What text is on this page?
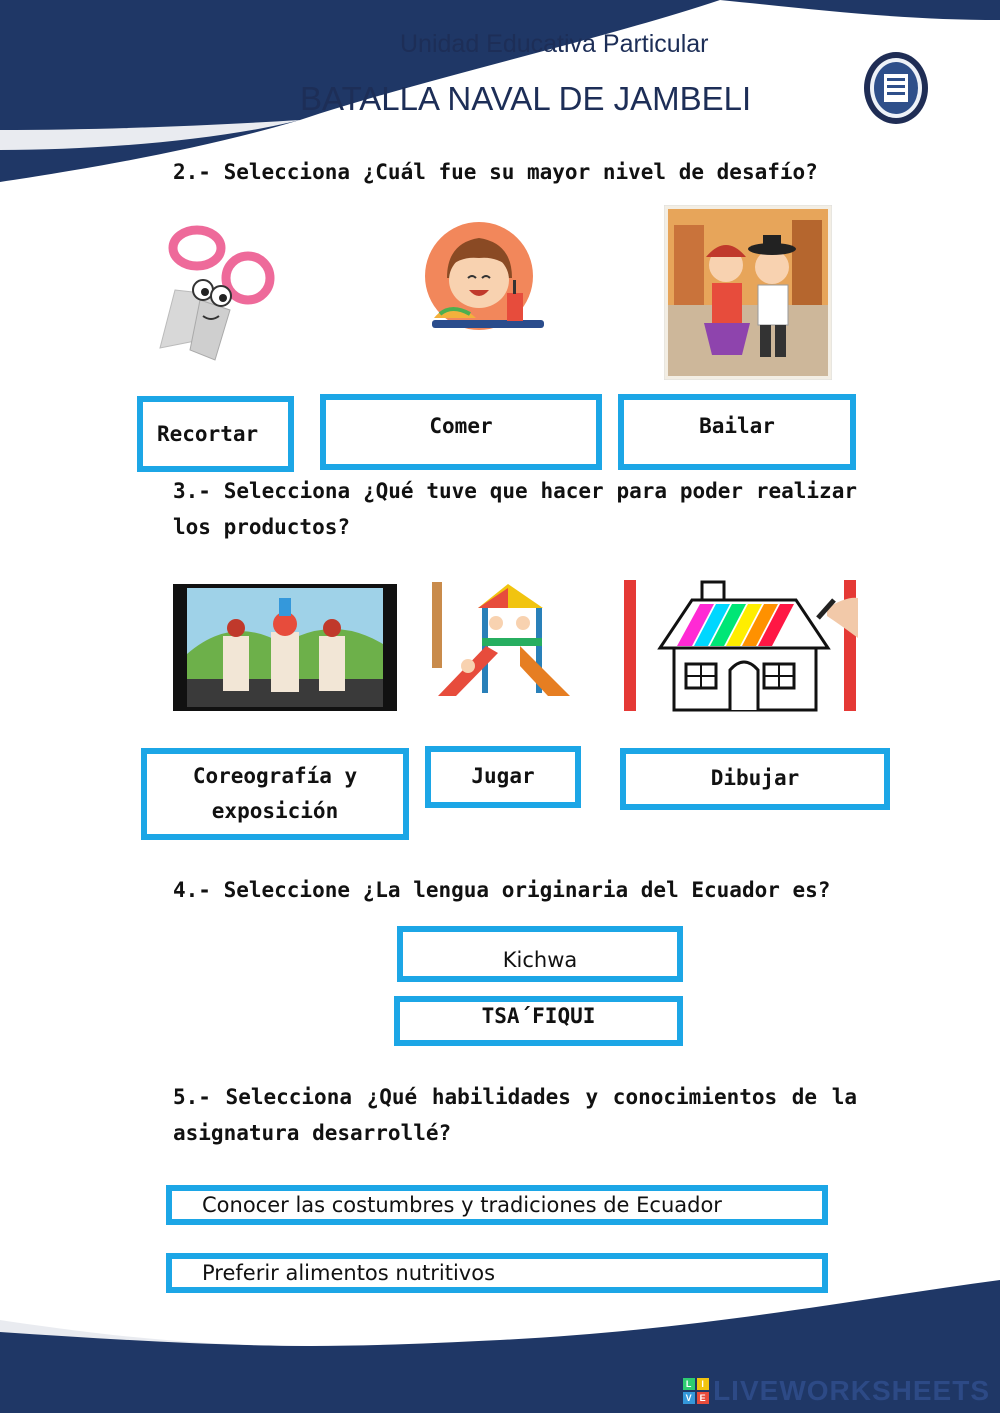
Unidad Educativa Particular
BATALLA NAVAL DE JAMBELI
2.- Selecciona ¿Cuál fue su mayor nivel de desafío?
Recortar	Comer	Bailar
3.- Selecciona ¿Qué tuve que hacer para poder realizar los productos?
Coreografía y exposición
Jugar	Dibujar
4.- Seleccione ¿La lengua originaria del Ecuador es?
Kichwa
TSA´FIQUI
5.- Selecciona ¿Qué habilidades y conocimientos de la asignatura desarrollé?
Conocer las costumbres y tradiciones de Ecuador
Preferir alimentos nutritivos
L I
V E LIVEWORKSHEETS
